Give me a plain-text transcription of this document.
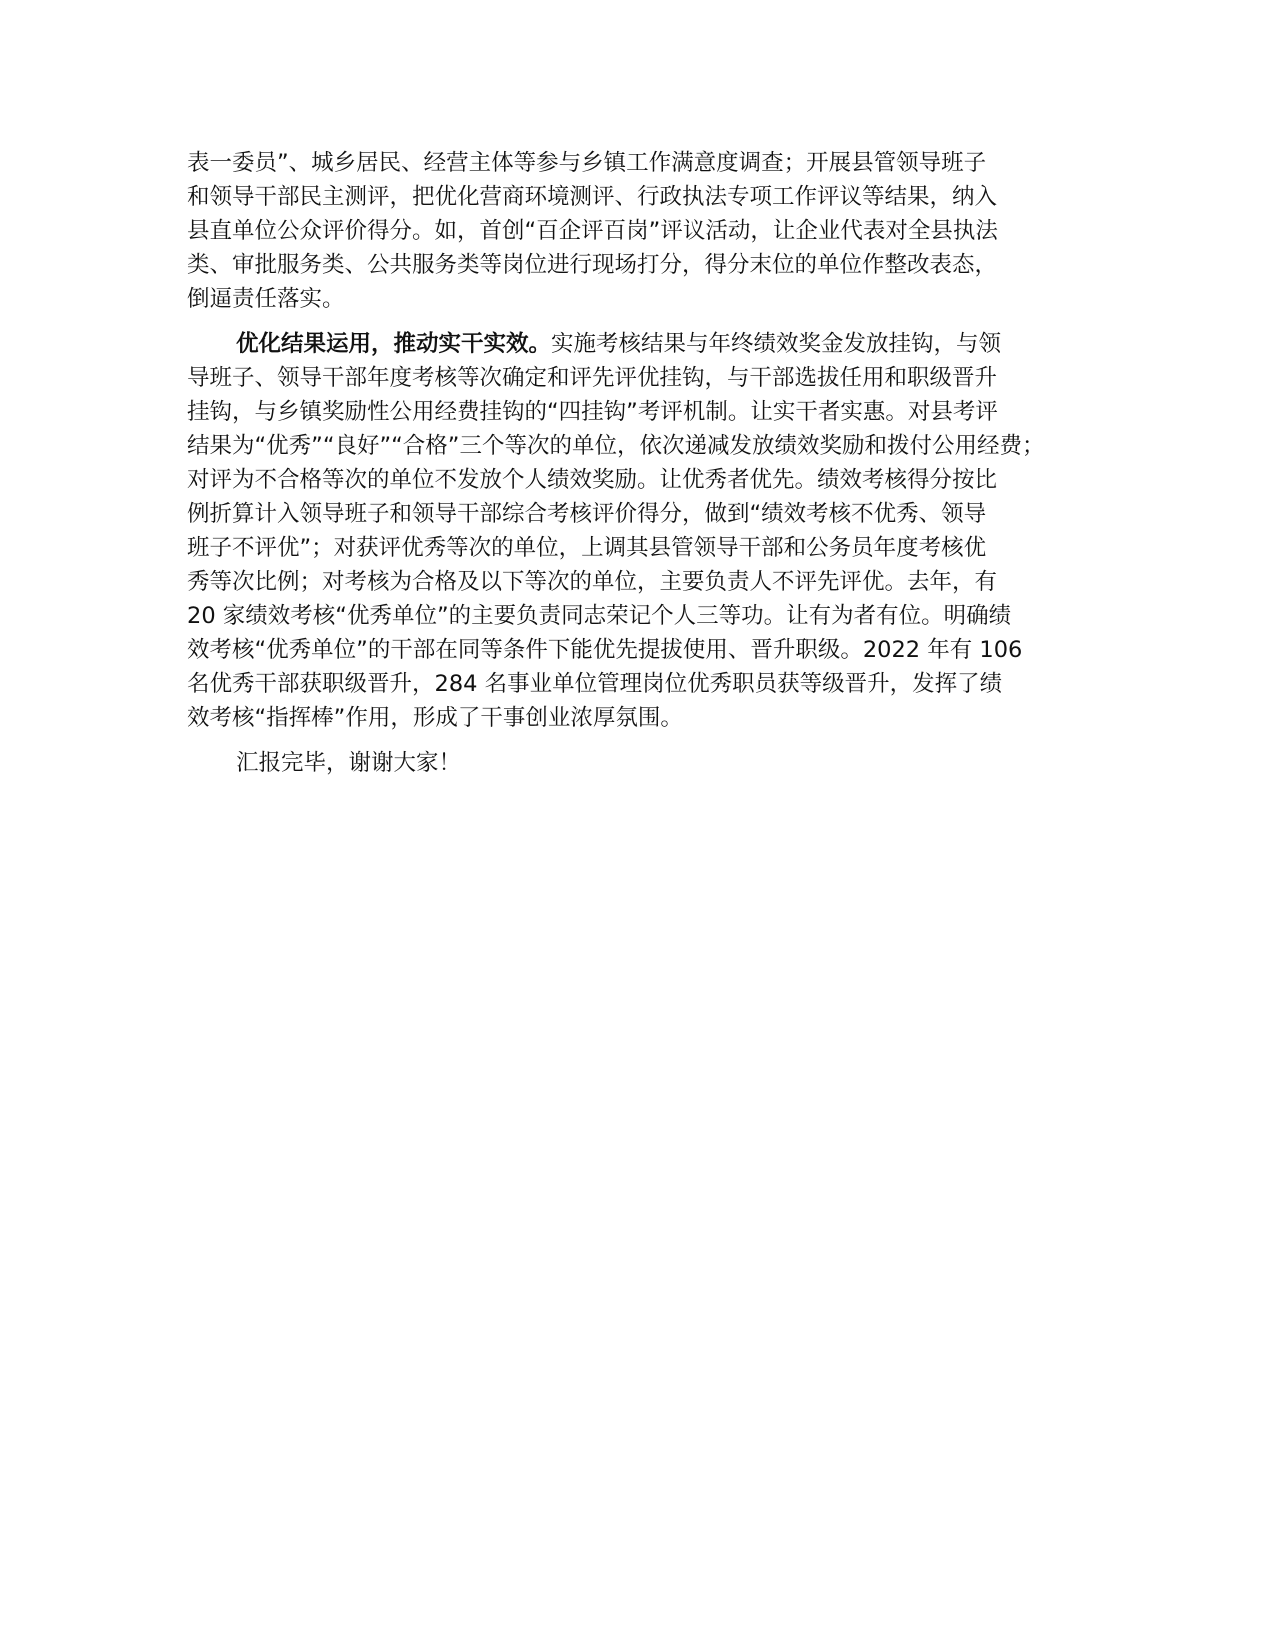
表一委员”、城乡居民、经营主体等参与乡镇工作满意度调查；开展县管领导班子
和领导干部民主测评，把优化营商环境测评、行政执法专项工作评议等结果，纳入
县直单位公众评价得分。如，首创“百企评百岗”评议活动，让企业代表对全县执法
类、审批服务类、公共服务类等岗位进行现场打分，得分末位的单位作整改表态，
倒逼责任落实。
优化结果运用，推动实干实效。实施考核结果与年终绩效奖金发放挂钩，与领
导班子、领导干部年度考核等次确定和评先评优挂钩，与干部选拔任用和职级晋升
挂钩，与乡镇奖励性公用经费挂钩的“四挂钩”考评机制。让实干者实惠。对县考评
结果为“优秀”“良好”“合格”三个等次的单位，依次递减发放绩效奖励和拨付公用经费；
对评为不合格等次的单位不发放个人绩效奖励。让优秀者优先。绩效考核得分按比
例折算计入领导班子和领导干部综合考核评价得分，做到“绩效考核不优秀、领导
班子不评优”；对获评优秀等次的单位，上调其县管领导干部和公务员年度考核优
秀等次比例；对考核为合格及以下等次的单位，主要负责人不评先评优。去年，有
20 家绩效考核“优秀单位”的主要负责同志荣记个人三等功。让有为者有位。明确绩
效考核“优秀单位”的干部在同等条件下能优先提拔使用、晋升职级。2022 年有 106
名优秀干部获职级晋升，284 名事业单位管理岗位优秀职员获等级晋升，发挥了绩
效考核“指挥棒”作用，形成了干事创业浓厚氛围。
汇报完毕，谢谢大家！
